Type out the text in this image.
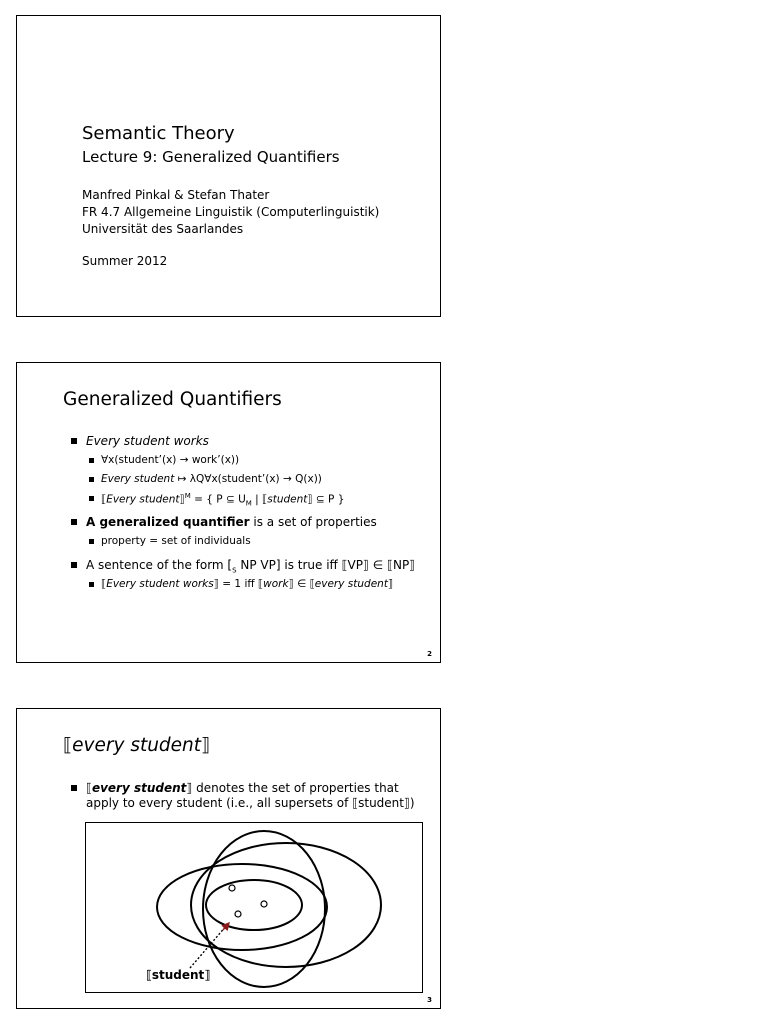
Semantic Theory
Lecture 9: Generalized Quantifiers
Manfred Pinkal & Stefan Thater
FR 4.7 Allgemeine Linguistik (Computerlinguistik)
Universität des Saarlandes
Summer 2012
Generalized Quantifiers
Every student works
∀x(student’(x) → work’(x))
Every student ↦ λQ∀x(student’(x) → Q(x))
⟦Every student⟧$^M$ = { P ⊆ $U_M$ | ⟦student⟧ ⊆ P }
A generalized quantifier is a set of properties
property = set of individuals
A sentence of the form [$_S$ NP VP] is true iff ⟦VP⟧ ∈ ⟦NP⟧
⟦Every student works⟧ = 1 iff ⟦work⟧ ∈ ⟦every student⟧
2
⟦every student⟧
⟦every student⟧ denotes the set of properties that
apply to every student (i.e., all supersets of ⟦student⟧)
⟦student⟧
3
